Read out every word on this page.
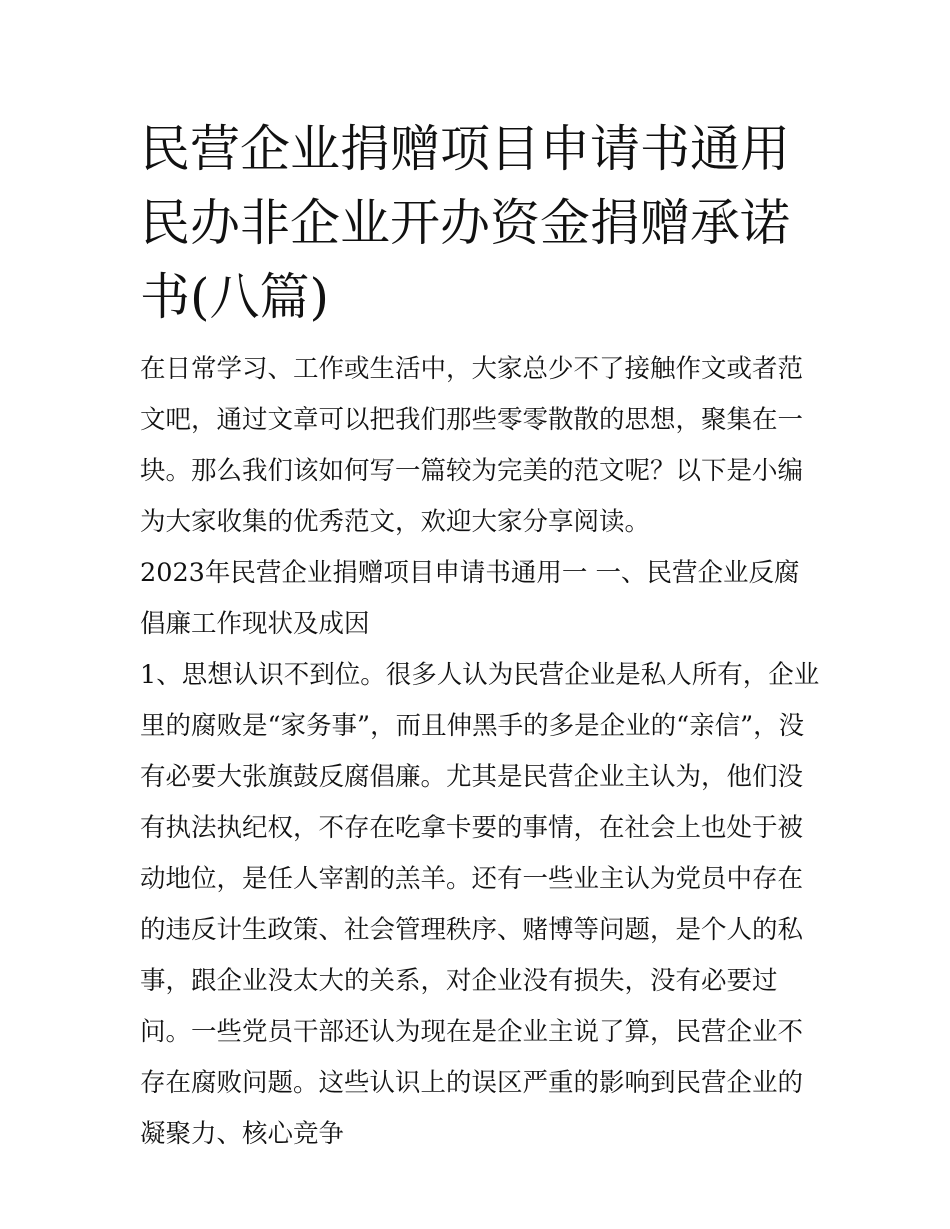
民营企业捐赠项目申请书通用民办非企业开办资金捐赠承诺书(八篇)

在日常学习、工作或生活中，大家总少不了接触作文或者范文吧，通过文章可以把我们那些零零散散的思想，聚集在一块。那么我们该如何写一篇较为完美的范文呢？以下是小编为大家收集的优秀范文，欢迎大家分享阅读。

2023年民营企业捐赠项目申请书通用一 一、民营企业反腐倡廉工作现状及成因

1、思想认识不到位。很多人认为民营企业是私人所有，企业里的腐败是“家务事”，而且伸黑手的多是企业的“亲信”，没有必要大张旗鼓反腐倡廉。尤其是民营企业主认为，他们没有执法执纪权，不存在吃拿卡要的事情，在社会上也处于被动地位，是任人宰割的羔羊。还有一些业主认为党员中存在的违反计生政策、社会管理秩序、赌博等问题，是个人的私事，跟企业没太大的关系，对企业没有损失，没有必要过问。一些党员干部还认为现在是企业主说了算，民营企业不存在腐败问题。这些认识上的误区严重的影响到民营企业的凝聚力、核心竞争
